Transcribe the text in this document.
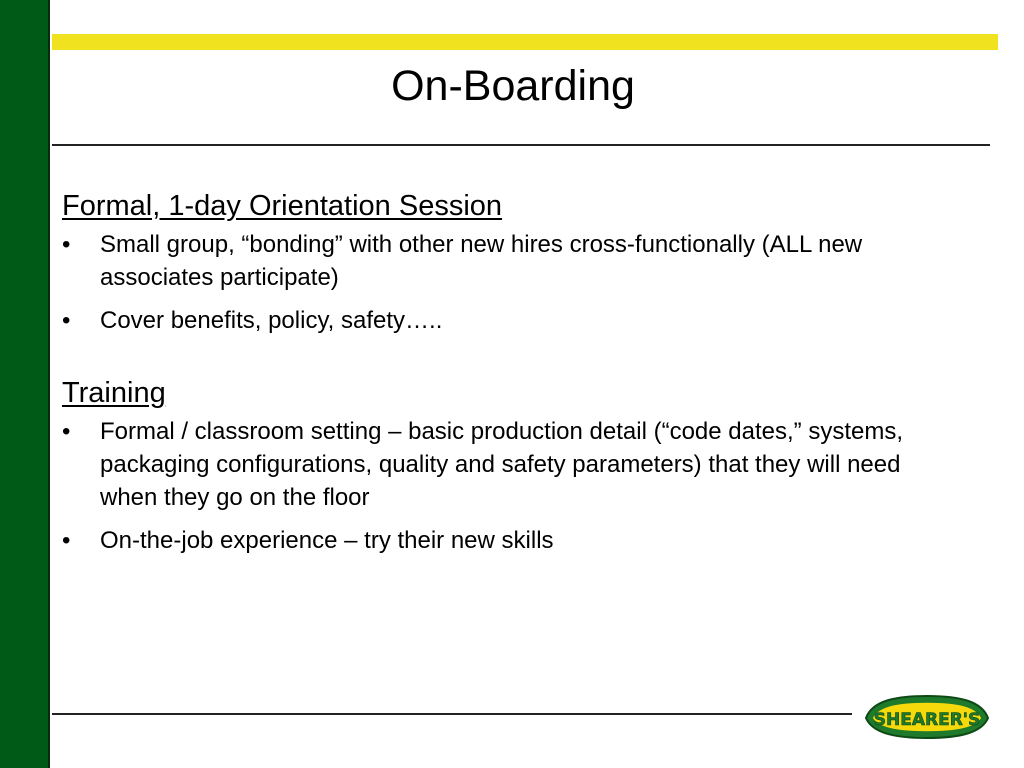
On-Boarding

Formal, 1-day Orientation Session

•	Small group, “bonding” with other new hires cross-functionally (ALL new associates participate)
•	Cover benefits, policy, safety…..

Training

•	Formal / classroom setting – basic production detail (“code dates,” systems, packaging configurations, quality and safety parameters) that they will need when they go on the floor
•	On-the-job experience – try their new skills
SHEARER'S
